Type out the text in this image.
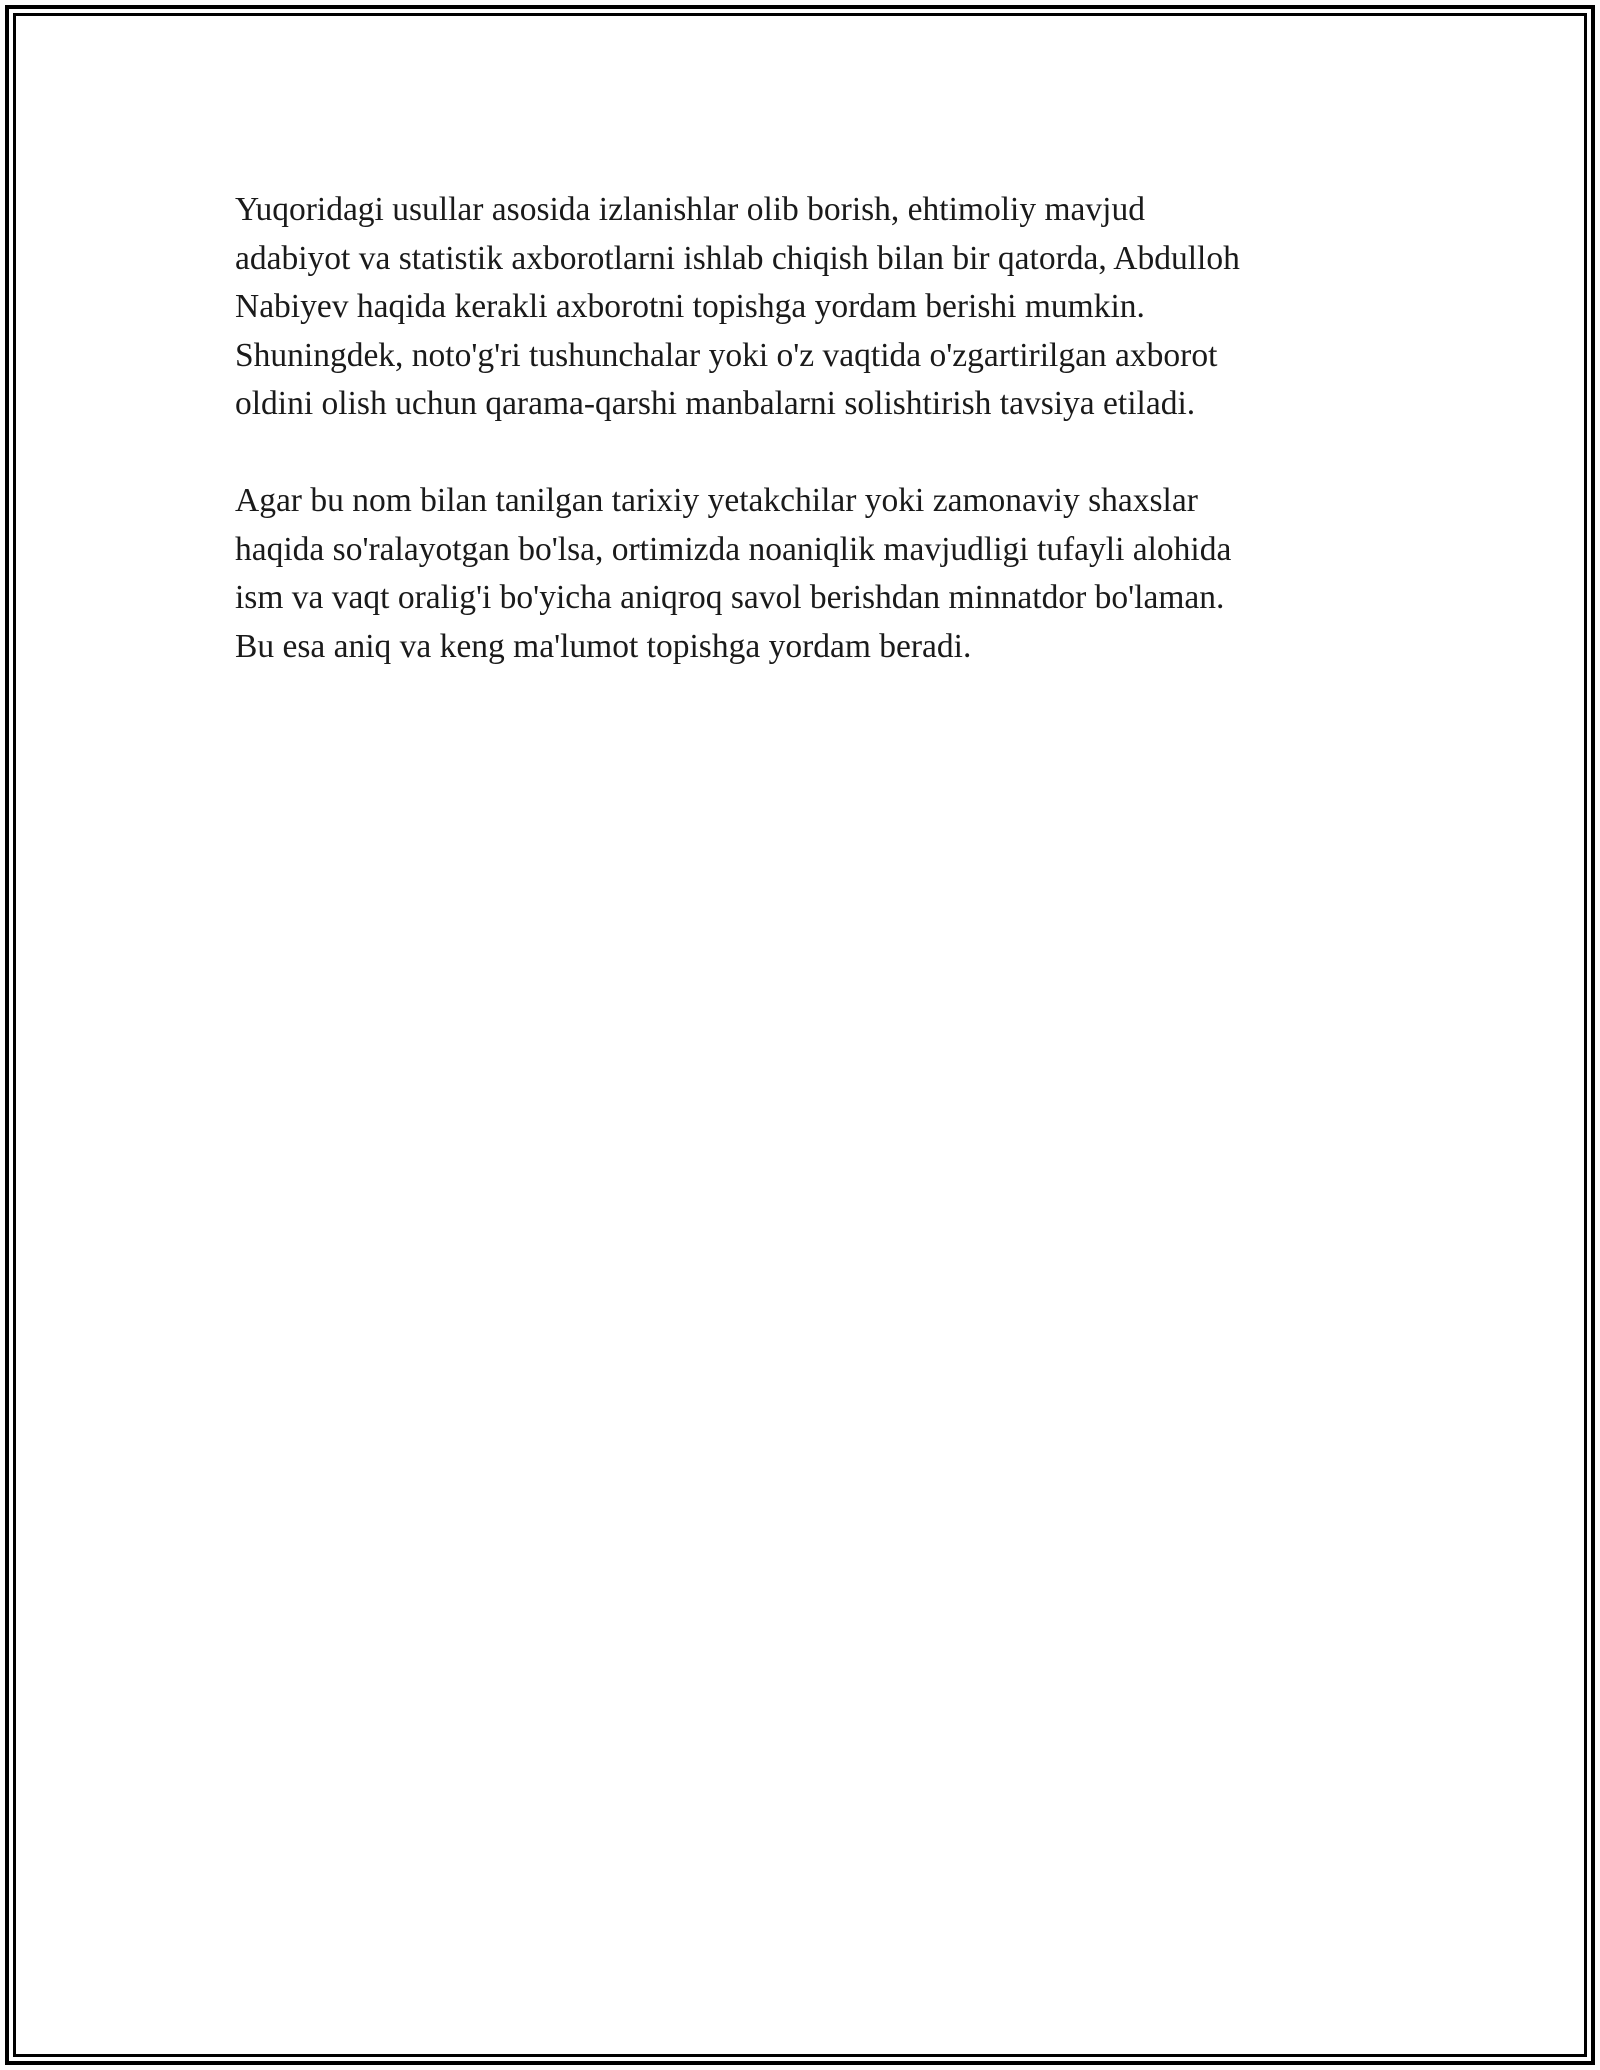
Yuqoridagi usullar asosida izlanishlar olib borish, ehtimoliy mavjud
adabiyot va statistik axborotlarni ishlab chiqish bilan bir qatorda, Abdulloh
Nabiyev haqida kerakli axborotni topishga yordam berishi mumkin.
Shuningdek, noto'g'ri tushunchalar yoki o'z vaqtida o'zgartirilgan axborot
oldini olish uchun qarama-qarshi manbalarni solishtirish tavsiya etiladi.

Agar bu nom bilan tanilgan tarixiy yetakchilar yoki zamonaviy shaxslar
haqida so'ralayotgan bo'lsa, ortimizda noaniqlik mavjudligi tufayli alohida
ism va vaqt oralig'i bo'yicha aniqroq savol berishdan minnatdor bo'laman.
Bu esa aniq va keng ma'lumot topishga yordam beradi.
